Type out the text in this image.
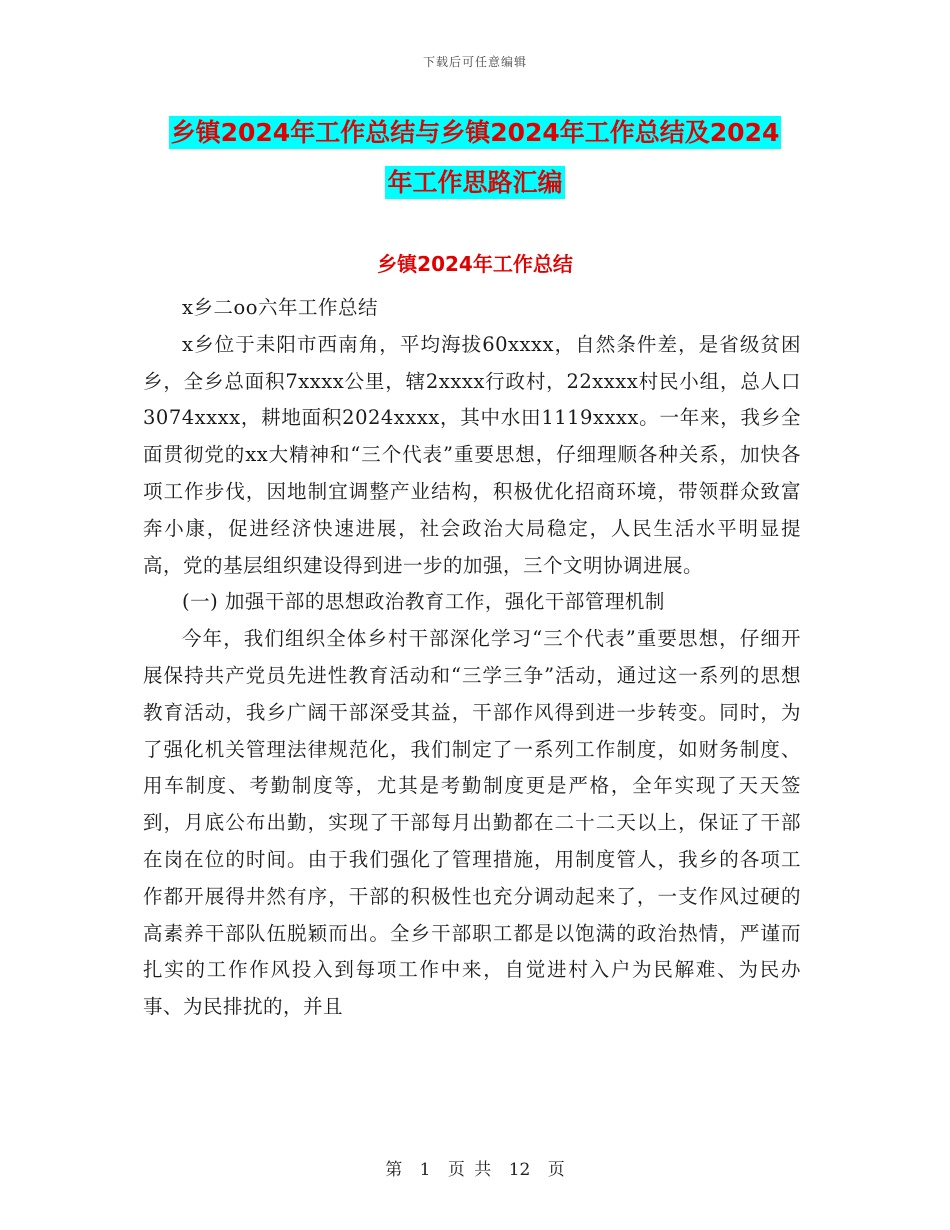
下载后可任意编辑
乡镇2024年工作总结与乡镇2024年工作总结及2024
年工作思路汇编
乡镇2024年工作总结

x乡二oo六年工作总结

x乡位于耒阳市西南角，平均海拔60xxxx，自然条件差，是省级贫困乡，全乡总面积7xxxx公里，辖2xxxx行政村，22xxxx村民小组，总人口3074xxxx，耕地面积2024xxxx，其中水田1119xxxx。一年来，我乡全面贯彻党的xx大精神和“三个代表”重要思想，仔细理顺各种关系，加快各项工作步伐，因地制宜调整产业结构，积极优化招商环境，带领群众致富奔小康，促进经济快速进展，社会政治大局稳定，人民生活水平明显提高，党的基层组织建设得到进一步的加强，三个文明协调进展。

(一) 加强干部的思想政治教育工作，强化干部管理机制

今年，我们组织全体乡村干部深化学习“三个代表”重要思想，仔细开展保持共产党员先进性教育活动和“三学三争”活动，通过这一系列的思想教育活动，我乡广阔干部深受其益，干部作风得到进一步转变。同时，为了强化机关管理法律规范化，我们制定了一系列工作制度，如财务制度、用车制度、考勤制度等，尤其是考勤制度更是严格，全年实现了天天签到，月底公布出勤，实现了干部每月出勤都在二十二天以上，保证了干部在岗在位的时间。由于我们强化了管理措施，用制度管人，我乡的各项工作都开展得井然有序，干部的积极性也充分调动起来了，一支作风过硬的高素养干部队伍脱颖而出。全乡干部职工都是以饱满的政治热情，严谨而扎实的工作作风投入到每项工作中来，自觉进村入户为民解难、为民办事、为民排扰的，并且

第 1 页 共 12 页
